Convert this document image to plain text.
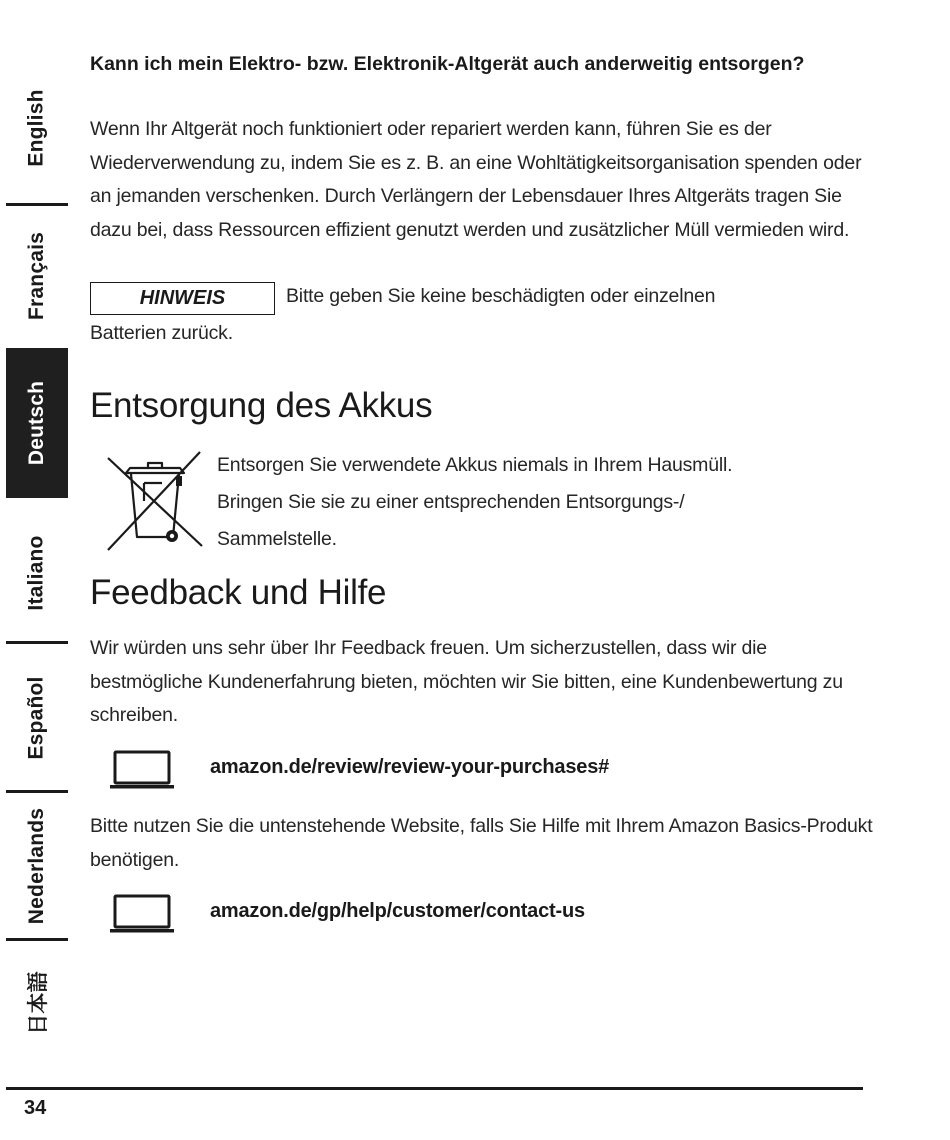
English
Français
Deutsch
Italiano
Español
Nederlands
日本語

Kann ich mein Elektro- bzw. Elektronik-Altgerät auch anderweitig entsorgen?

Wenn Ihr Altgerät noch funktioniert oder repariert werden kann, führen Sie es der Wiederverwendung zu, indem Sie es z. B. an eine Wohltätigkeitsorganisation spenden oder an jemanden verschenken. Durch Verlängern der Lebensdauer Ihres Altgeräts tragen Sie dazu bei, dass Ressourcen effizient genutzt werden und zusätzlicher Müll vermieden wird.

HINWEIS	Bitte geben Sie keine beschädigten oder einzelnen
Batterien zurück.
Entsorgung des Akkus
Entsorgen Sie verwendete Akkus niemals in Ihrem Hausmüll.
Bringen Sie sie zu einer entsprechenden Entsorgungs-/
Sammelstelle.
Feedback und Hilfe

Wir würden uns sehr über Ihr Feedback freuen. Um sicherzustellen, dass wir die bestmögliche Kundenerfahrung bieten, möchten wir Sie bitten, eine Kundenbewertung zu schreiben.

amazon.de/review/review-your-purchases#

Bitte nutzen Sie die untenstehende Website, falls Sie Hilfe mit Ihrem Amazon Basics-Produkt benötigen.

amazon.de/gp/help/customer/contact-us
34
